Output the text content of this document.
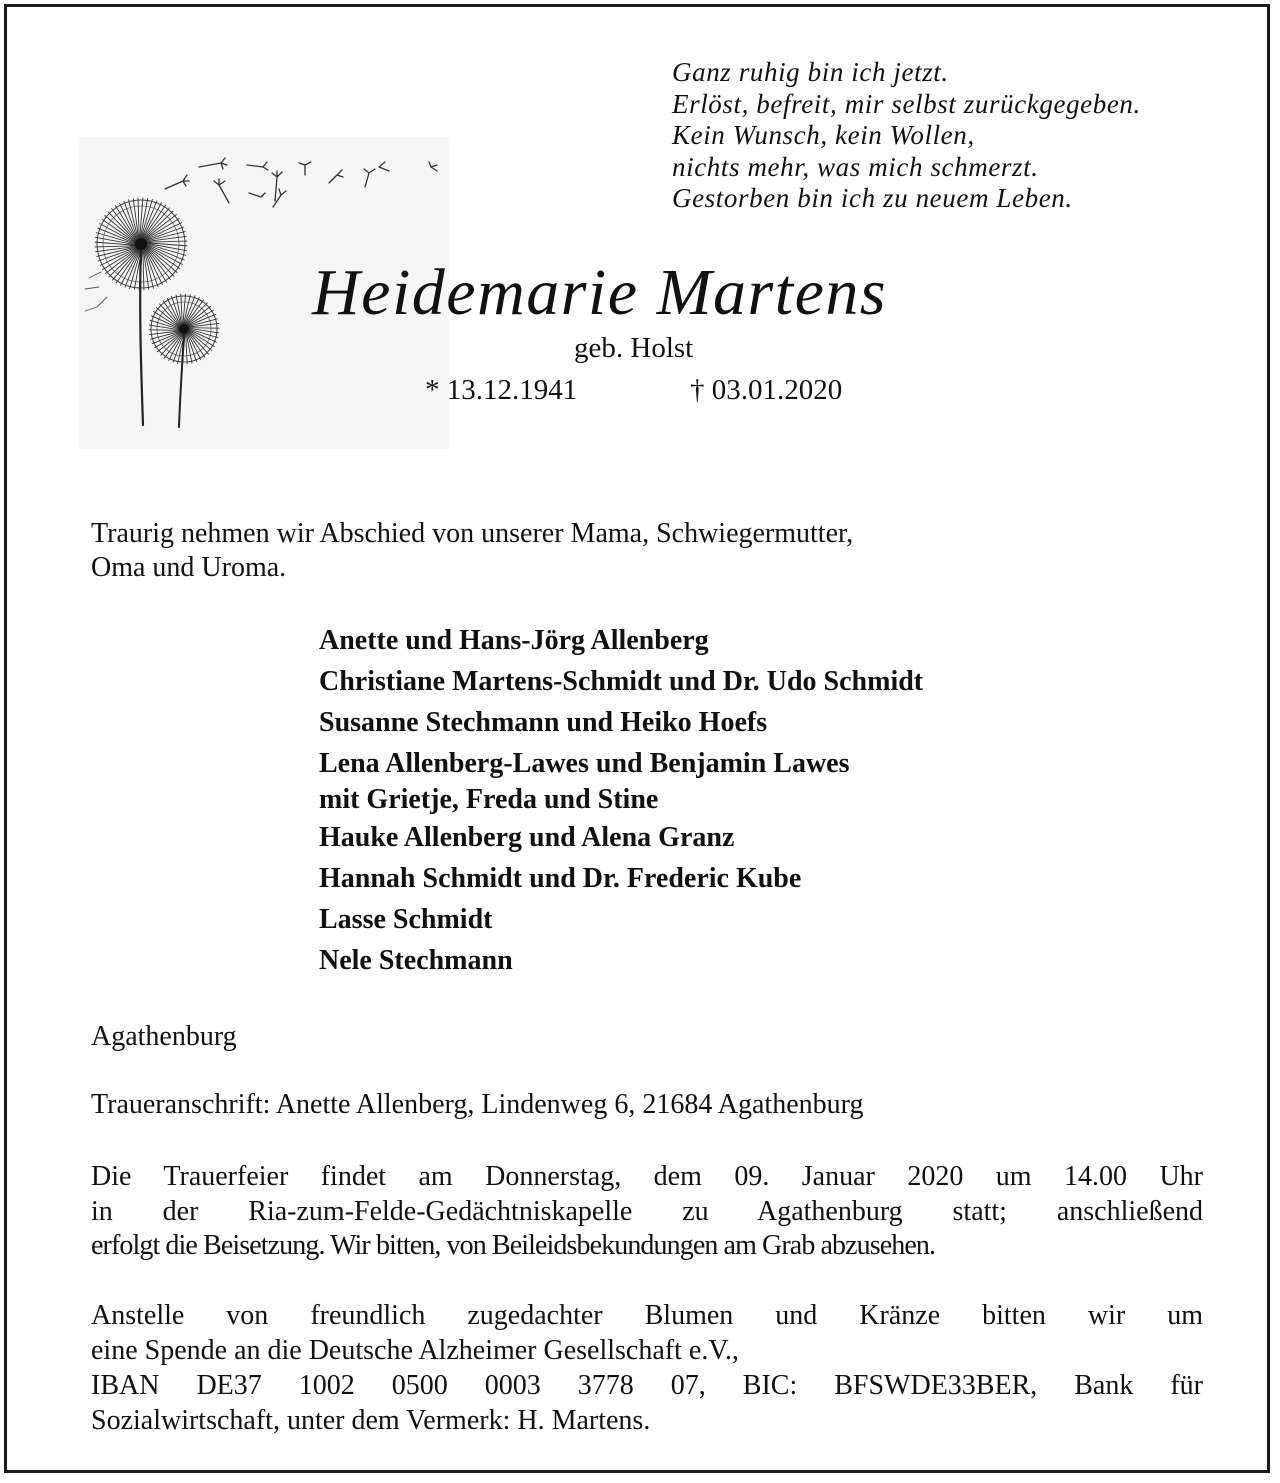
Ganz ruhig bin ich jetzt.
Erlöst, befreit, mir selbst zurückgegeben.
Kein Wunsch, kein Wollen,
nichts mehr, was mich schmerzt.
Gestorben bin ich zu neuem Leben.
Heidemarie Martens
geb. Holst
* 13.12.1941	† 03.01.2020
Traurig nehmen wir Abschied von unserer Mama, Schwiegermutter,
Oma und Uroma.
Anette und Hans-Jörg Allenberg
Christiane Martens-Schmidt und Dr. Udo Schmidt
Susanne Stechmann und Heiko Hoefs
Lena Allenberg-Lawes und Benjamin Lawes
mit Grietje, Freda und Stine
Hauke Allenberg und Alena Granz
Hannah Schmidt und Dr. Frederic Kube
Lasse Schmidt
Nele Stechmann
Agathenburg
Traueranschrift: Anette Allenberg, Lindenweg 6, 21684 Agathenburg
Die Trauerfeier findet am Donnerstag, dem 09. Januar 2020 um 14.00 Uhr
in der Ria-zum-Felde-Gedächtniskapelle zu Agathenburg statt; anschließend
erfolgt die Beisetzung. Wir bitten, von Beileidsbekundungen am Grab abzusehen.
Anstelle von freundlich zugedachter Blumen und Kränze bitten wir um
eine Spende an die Deutsche Alzheimer Gesellschaft e.V.,
IBAN DE37 1002 0500 0003 3778 07, BIC: BFSWDE33BER, Bank für
Sozialwirtschaft, unter dem Vermerk: H. Martens.
